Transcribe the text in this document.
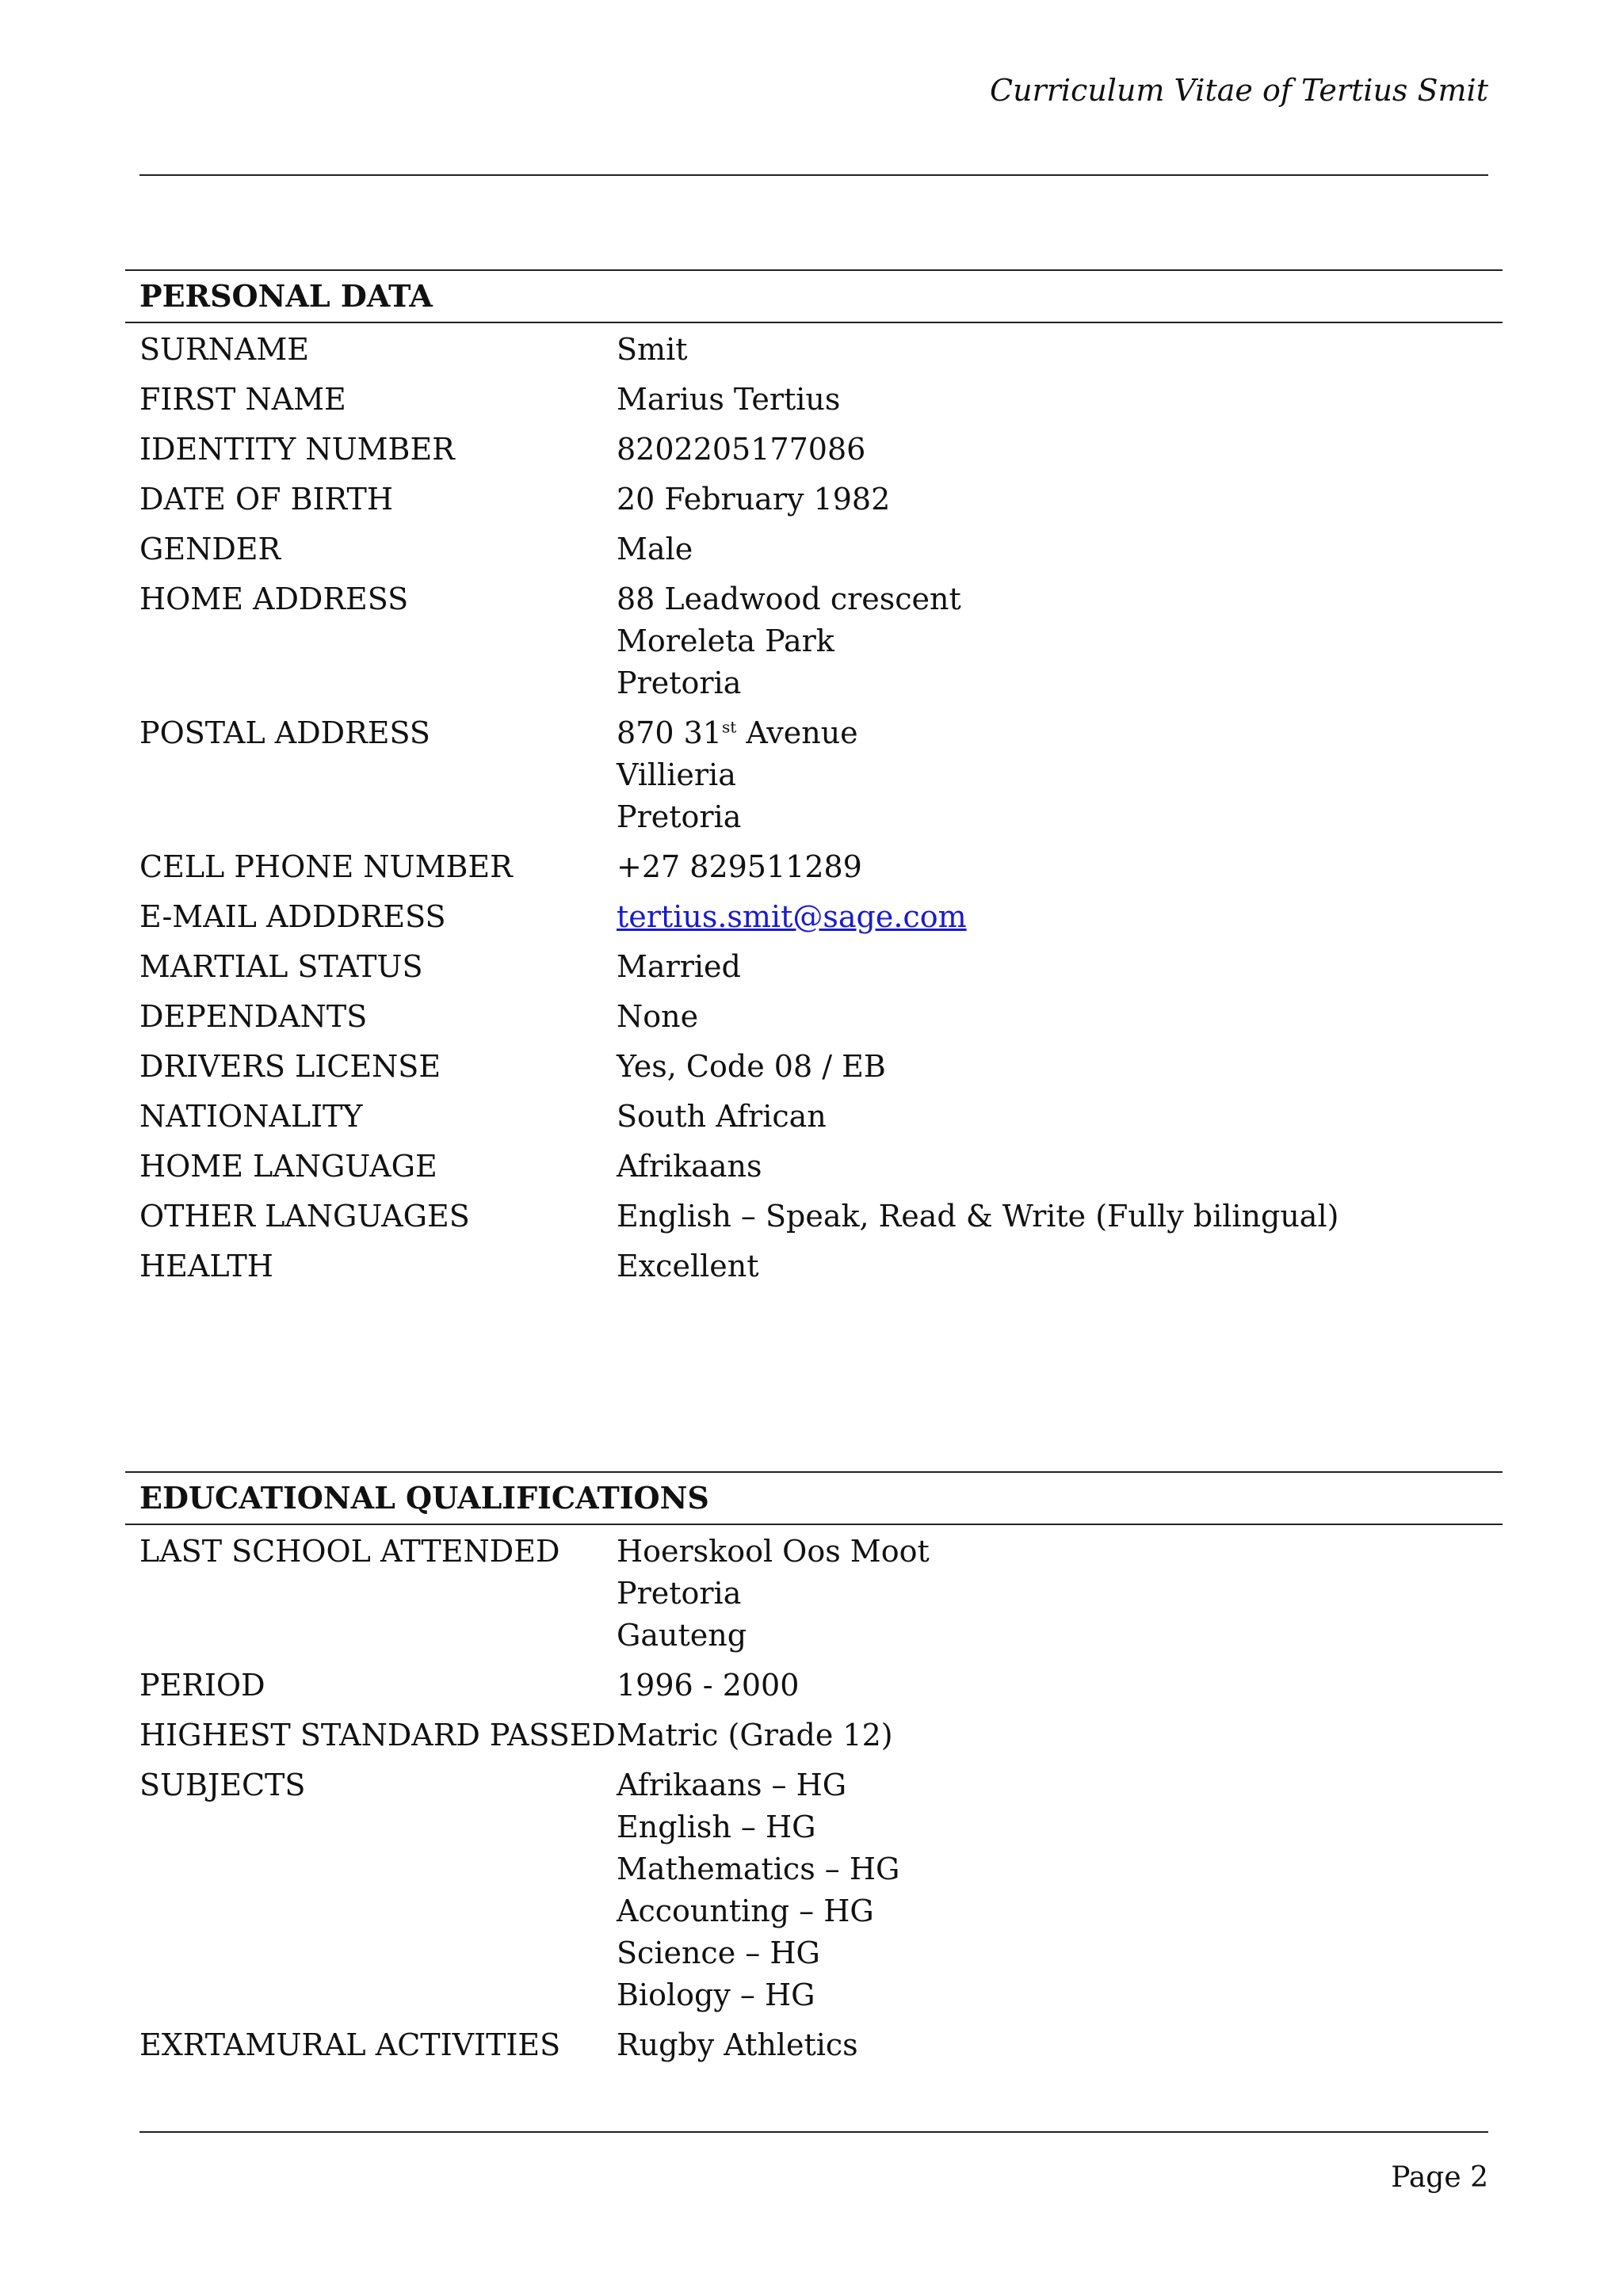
Curriculum Vitae of Tertius Smit
PERSONAL DATA
SURNAME	Smit
FIRST NAME	Marius Tertius
IDENTITY NUMBER	8202205177086
DATE OF BIRTH	20 February 1982
GENDER	Male
HOME ADDRESS	88 Leadwood crescent
Moreleta Park
Pretoria
POSTAL ADDRESS	870 31st Avenue
Villieria
Pretoria
CELL PHONE NUMBER	+27 829511289
E-MAIL ADDDRESS	tertius.smit@sage.com
MARTIAL STATUS	Married
DEPENDANTS	None
DRIVERS LICENSE	Yes, Code 08 / EB
NATIONALITY	South African
HOME LANGUAGE	Afrikaans
OTHER LANGUAGES	English – Speak, Read & Write (Fully bilingual)
HEALTH	Excellent
EDUCATIONAL QUALIFICATIONS
LAST SCHOOL ATTENDED	Hoerskool Oos Moot
Pretoria
Gauteng
PERIOD	1996 - 2000
HIGHEST STANDARD PASSED Matric (Grade 12)
SUBJECTS	Afrikaans – HG
English – HG
Mathematics – HG
Accounting – HG
Science – HG
Biology – HG
EXRTAMURAL ACTIVITIES	Rugby Athletics
Page 2
